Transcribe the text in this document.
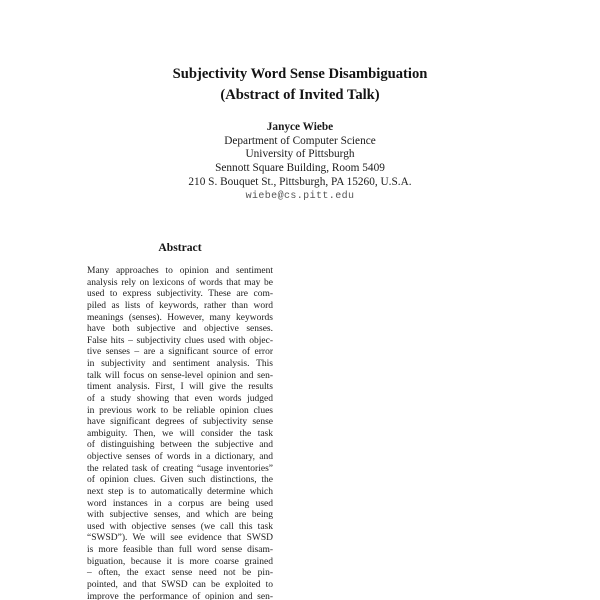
Subjectivity Word Sense Disambiguation
(Abstract of Invited Talk)
Janyce Wiebe
Department of Computer Science
University of Pittsburgh
Sennott Square Building, Room 5409
210 S. Bouquet St., Pittsburgh, PA 15260, U.S.A.
wiebe@cs.pitt.edu
Abstract
Many approaches to opinion and sentiment
analysis rely on lexicons of words that may be
used to express subjectivity. These are com-
piled as lists of keywords, rather than word
meanings (senses). However, many keywords
have both subjective and objective senses.
False hits – subjectivity clues used with objec-
tive senses – are a significant source of error
in subjectivity and sentiment analysis. This
talk will focus on sense-level opinion and sen-
timent analysis. First, I will give the results
of a study showing that even words judged
in previous work to be reliable opinion clues
have significant degrees of subjectivity sense
ambiguity. Then, we will consider the task
of distinguishing between the subjective and
objective senses of words in a dictionary, and
the related task of creating “usage inventories”
of opinion clues. Given such distinctions, the
next step is to automatically determine which
word instances in a corpus are being used
with subjective senses, and which are being
used with objective senses (we call this task
“SWSD”). We will see evidence that SWSD
is more feasible than full word sense disam-
biguation, because it is more coarse grained
– often, the exact sense need not be pin-
pointed, and that SWSD can be exploited to
improve the performance of opinion and sen-
